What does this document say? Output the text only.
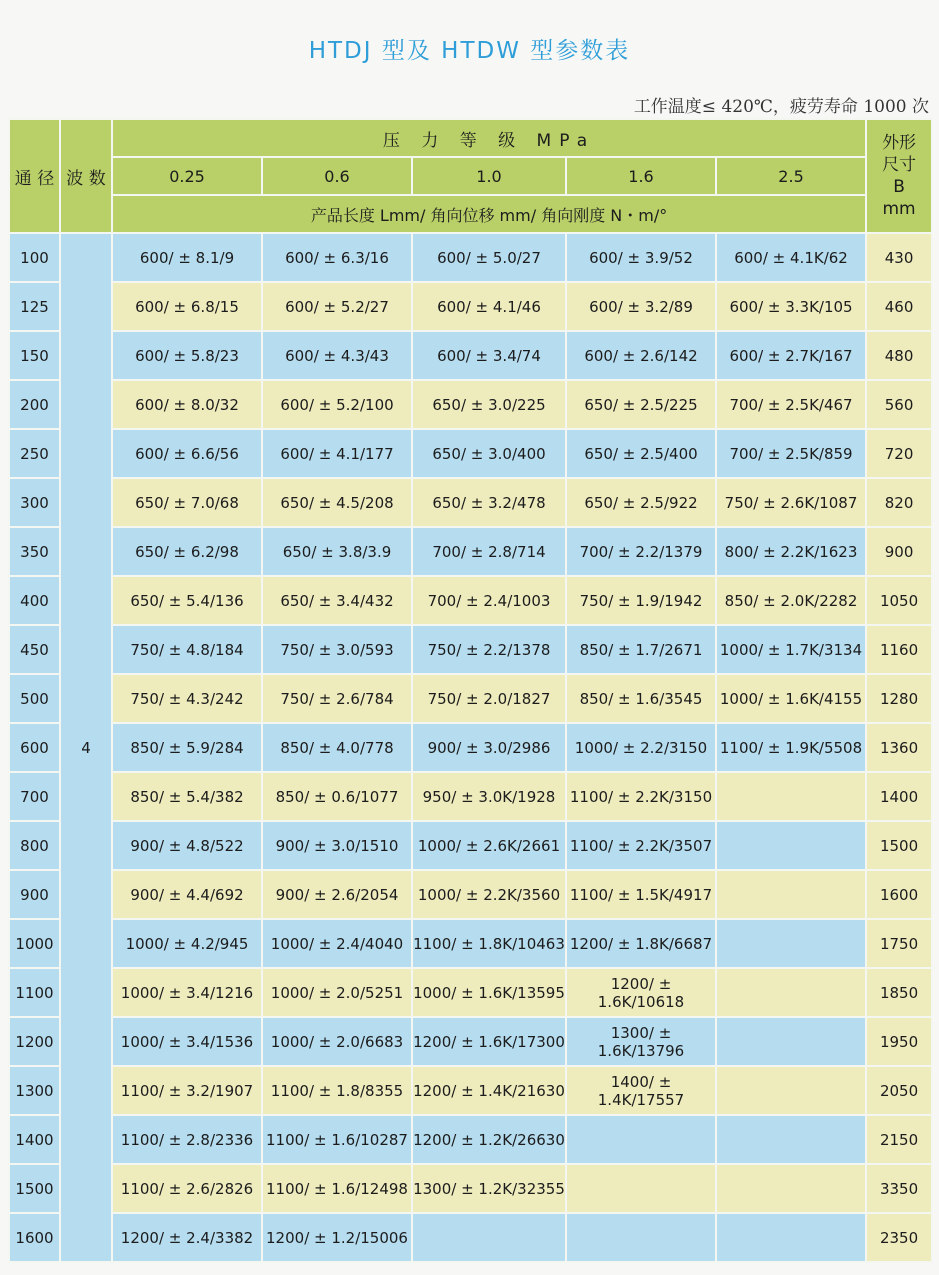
HTDJ 型及 HTDW 型参数表
工作温度≤ 420℃，疲劳寿命 1000 次
通 径	波 数	压 力 等 级 MPa					外形
尺寸
B
mm
		0.25	0.6	1.0	1.6	2.5	
		产品长度 Lmm/ 角向位移 mm/ 角向刚度 N・m/°					
100	4	600/ ± 8.1/9	600/ ± 6.3/16	600/ ± 5.0/27	600/ ± 3.9/52	600/ ± 4.1K/62	430
125		600/ ± 6.8/15	600/ ± 5.2/27	600/ ± 4.1/46	600/ ± 3.2/89	600/ ± 3.3K/105	460
150		600/ ± 5.8/23	600/ ± 4.3/43	600/ ± 3.4/74	600/ ± 2.6/142	600/ ± 2.7K/167	480
200		600/ ± 8.0/32	600/ ± 5.2/100	650/ ± 3.0/225	650/ ± 2.5/225	700/ ± 2.5K/467	560
250		600/ ± 6.6/56	600/ ± 4.1/177	650/ ± 3.0/400	650/ ± 2.5/400	700/ ± 2.5K/859	720
300		650/ ± 7.0/68	650/ ± 4.5/208	650/ ± 3.2/478	650/ ± 2.5/922	750/ ± 2.6K/1087	820
350		650/ ± 6.2/98	650/ ± 3.8/3.9	700/ ± 2.8/714	700/ ± 2.2/1379	800/ ± 2.2K/1623	900
400		650/ ± 5.4/136	650/ ± 3.4/432	700/ ± 2.4/1003	750/ ± 1.9/1942	850/ ± 2.0K/2282	1050
450		750/ ± 4.8/184	750/ ± 3.0/593	750/ ± 2.2/1378	850/ ± 1.7/2671	1000/ ± 1.7K/3134	1160
500		750/ ± 4.3/242	750/ ± 2.6/784	750/ ± 2.0/1827	850/ ± 1.6/3545	1000/ ± 1.6K/4155	1280
600		850/ ± 5.9/284	850/ ± 4.0/778	900/ ± 3.0/2986	1000/ ± 2.2/3150	1100/ ± 1.9K/5508	1360
700		850/ ± 5.4/382	850/ ± 0.6/1077	950/ ± 3.0K/1928	1100/ ± 2.2K/3150		1400
800		900/ ± 4.8/522	900/ ± 3.0/1510	1000/ ± 2.6K/2661	1100/ ± 2.2K/3507		1500
900		900/ ± 4.4/692	900/ ± 2.6/2054	1000/ ± 2.2K/3560	1100/ ± 1.5K/4917		1600
1000		1000/ ± 4.2/945	1000/ ± 2.4/4040	1100/ ± 1.8K/10463	1200/ ± 1.8K/6687		1750
1100		1000/ ± 3.4/1216	1000/ ± 2.0/5251	1000/ ± 1.6K/13595	1200/ ± 1.6K/10618		1850
1200		1000/ ± 3.4/1536	1000/ ± 2.0/6683	1200/ ± 1.6K/17300	1300/ ± 1.6K/13796		1950
1300		1100/ ± 3.2/1907	1100/ ± 1.8/8355	1200/ ± 1.4K/21630	1400/ ± 1.4K/17557		2050
1400		1100/ ± 2.8/2336	1100/ ± 1.6/10287	1200/ ± 1.2K/26630			2150
1500		1100/ ± 2.6/2826	1100/ ± 1.6/12498	1300/ ± 1.2K/32355			3350
1600		1200/ ± 2.4/3382	1200/ ± 1.2/15006				2350
